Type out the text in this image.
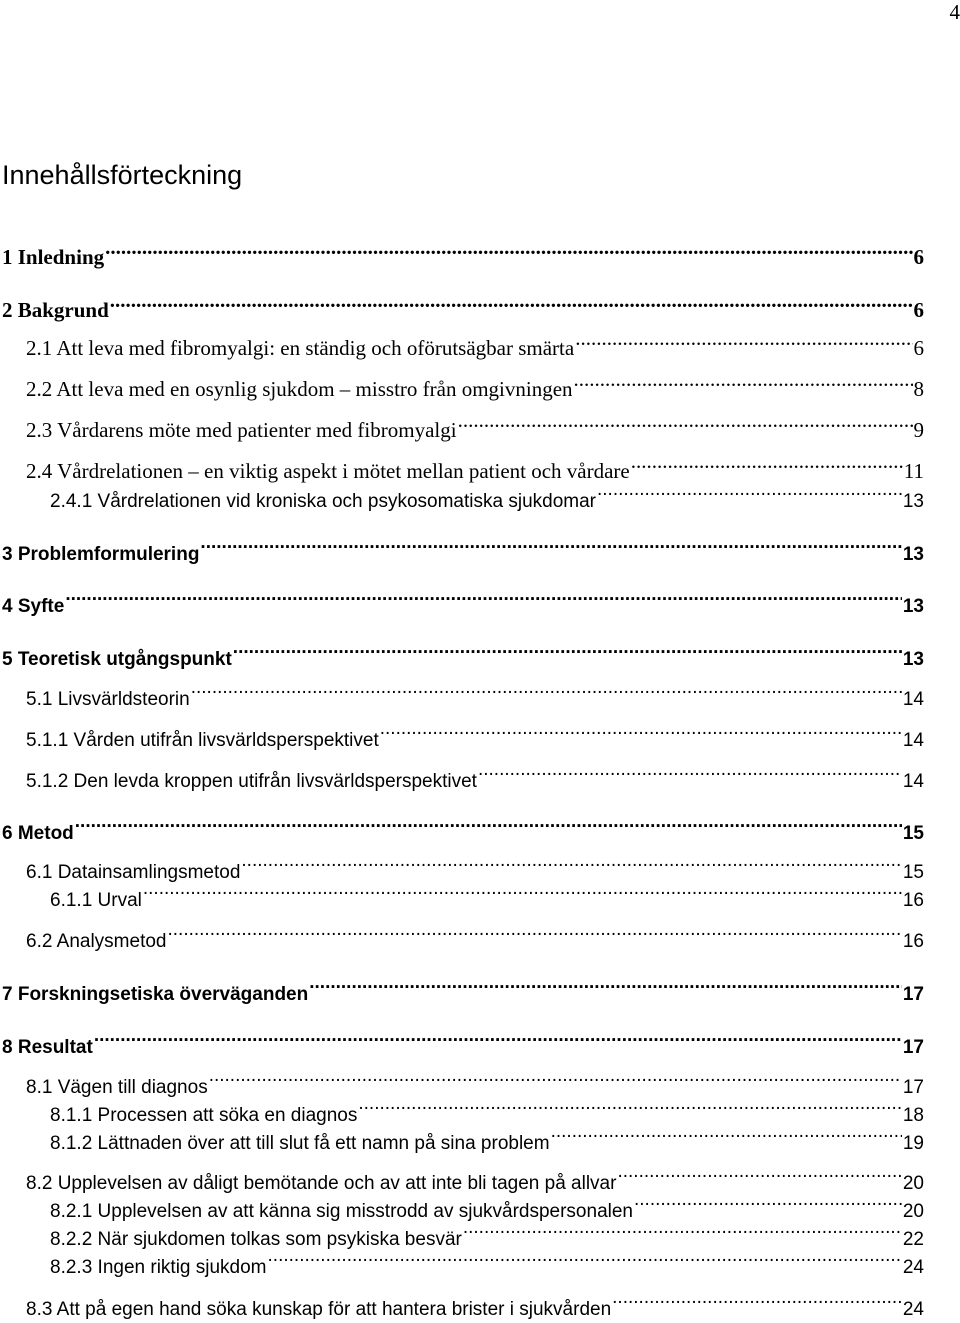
4
Innehållsförteckning
1 Inledning .....	6
2 Bakgrund .....	6
2.1 Att leva med fibromyalgi: en ständig och oförutsägbar smärta .....	6
2.2 Att leva med en osynlig sjukdom – misstro från omgivningen .....	8
2.3 Vårdarens möte med patienter med fibromyalgi .....	9
2.4 Vårdrelationen – en viktig aspekt i mötet mellan patient och vårdare .....	11
2.4.1 Vårdrelationen vid kroniska och psykosomatiska sjukdomar .....	13
3 Problemformulering .....	13
4 Syfte .....	13
5 Teoretisk utgångspunkt .....	13
5.1 Livsvärldsteorin .....	14
5.1.1 Vården utifrån livsvärldsperspektivet .....	14
5.1.2 Den levda kroppen utifrån livsvärldsperspektivet .....	14
6 Metod .....	15
6.1 Datainsamlingsmetod .....	15
6.1.1 Urval .....	16
6.2 Analysmetod .....	16
7 Forskningsetiska överväganden .....	17
8 Resultat .....	17
8.1 Vägen till diagnos .....	17
8.1.1 Processen att söka en diagnos .....	18
8.1.2 Lättnaden över att till slut få ett namn på sina problem .....	19
8.2 Upplevelsen av dåligt bemötande och av att inte bli tagen på allvar .....	20
8.2.1 Upplevelsen av att känna sig misstrodd av sjukvårdspersonalen .....	20
8.2.2 När sjukdomen tolkas som psykiska besvär .....	22
8.2.3 Ingen riktig sjukdom .....	24
8.3 Att på egen hand söka kunskap för att hantera brister i sjukvården .....	24
